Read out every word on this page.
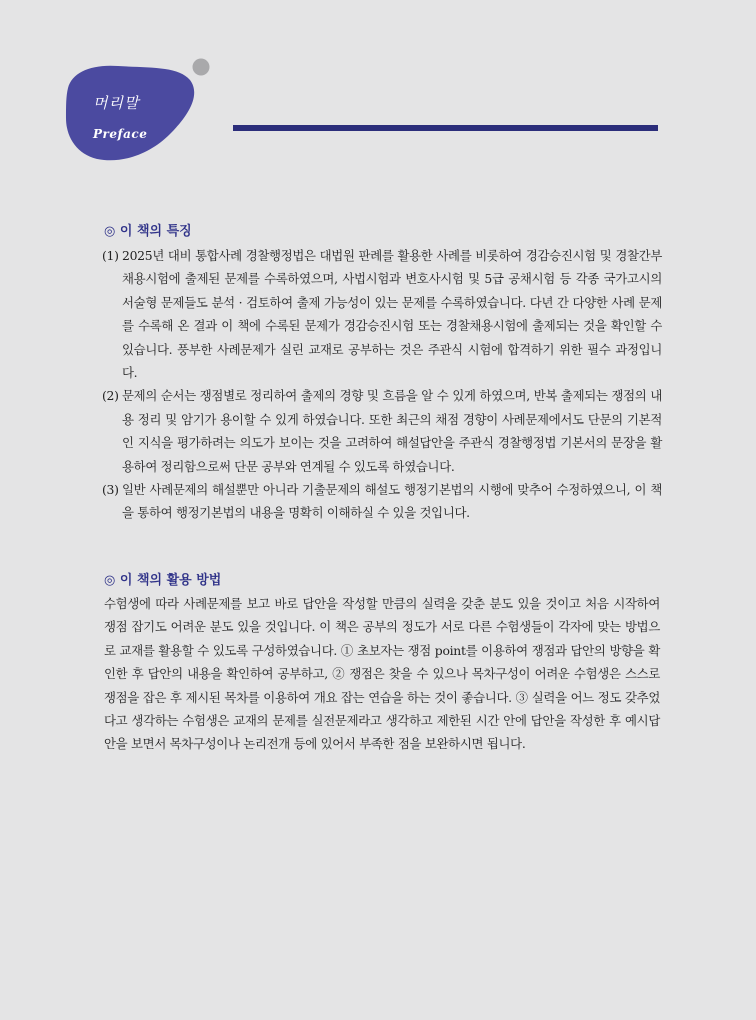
머리말
Preface
◎ 이 책의 특징
(1) 2025년 대비 통합사례 경찰행정법은 대법원 판례를 활용한 사례를 비롯하여 경감승진시험 및 경찰간부채용시험에 출제된 문제를 수록하였으며, 사법시험과 변호사시험 및 5급 공채시험 등 각종 국가고시의 서술형 문제들도 분석 · 검토하여 출제 가능성이 있는 문제를 수록하였습니다. 다년 간 다양한 사례 문제를 수록해 온 결과 이 책에 수록된 문제가 경감승진시험 또는 경찰채용시험에 출제되는 것을 확인할 수 있습니다. 풍부한 사례문제가 실린 교재로 공부하는 것은 주관식 시험에 합격하기 위한 필수 과정입니다.
(2) 문제의 순서는 쟁점별로 정리하여 출제의 경향 및 흐름을 알 수 있게 하였으며, 반복 출제되는 쟁점의 내용 정리 및 암기가 용이할 수 있게 하였습니다. 또한 최근의 채점 경향이 사례문제에서도 단문의 기본적인 지식을 평가하려는 의도가 보이는 것을 고려하여 해설답안을 주관식 경찰행정법 기본서의 문장을 활용하여 정리함으로써 단문 공부와 연계될 수 있도록 하였습니다.
(3) 일반 사례문제의 해설뿐만 아니라 기출문제의 해설도 행정기본법의 시행에 맞추어 수정하였으니, 이 책을 통하여 행정기본법의 내용을 명확히 이해하실 수 있을 것입니다.
◎ 이 책의 활용 방법
수험생에 따라 사례문제를 보고 바로 답안을 작성할 만큼의 실력을 갖춘 분도 있을 것이고 처음 시작하여 쟁점 잡기도 어려운 분도 있을 것입니다. 이 책은 공부의 정도가 서로 다른 수험생들이 각자에 맞는 방법으로 교재를 활용할 수 있도록 구성하였습니다. ① 초보자는 쟁점 point를 이용하여 쟁점과 답안의 방향을 확인한 후 답안의 내용을 확인하여 공부하고, ② 쟁점은 찾을 수 있으나 목차구성이 어려운 수험생은 스스로 쟁점을 잡은 후 제시된 목차를 이용하여 개요 잡는 연습을 하는 것이 좋습니다. ③ 실력을 어느 정도 갖추었다고 생각하는 수험생은 교재의 문제를 실전문제라고 생각하고 제한된 시간 안에 답안을 작성한 후 예시답안을 보면서 목차구성이나 논리전개 등에 있어서 부족한 점을 보완하시면 됩니다.
